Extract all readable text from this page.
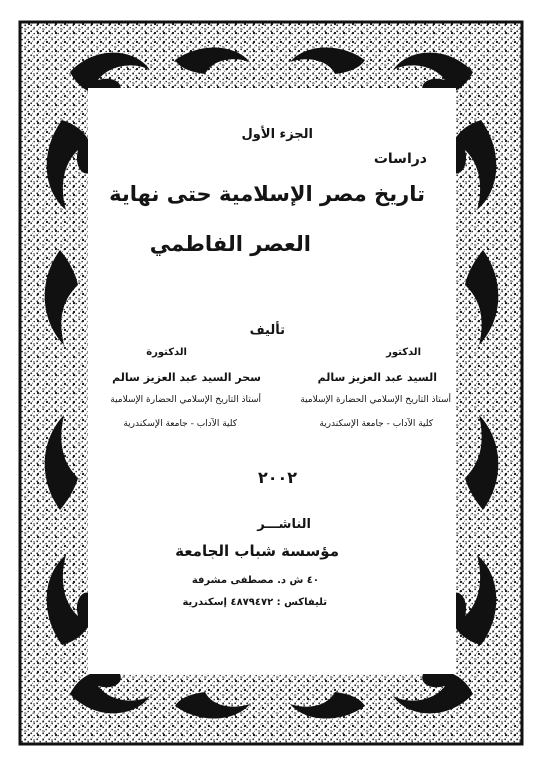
الجزء الأول
دراسات
تاريخ مصر الإسلامية حتى نهاية
العصر الفاطمي
تأليف
الدكتور
السيد عبد العزيز سالم
أستاذ التاريخ الإسلامي الحضارة الإسلامية
كلية الآداب - جامعة الإسكندرية
الدكتورة
سحر السيد عبد العزيز سالم
أستاذ التاريخ الإسلامي الحضارة الإسلامية
كلية الآداب - جامعة الإسكندرية
٢٠٠٢
الناشـــر
مؤسسة شباب الجامعة
٤٠ ش د. مصطفى مشرفة
تليفاكس : ٤٨٧٩٤٧٢ إسكندرية
